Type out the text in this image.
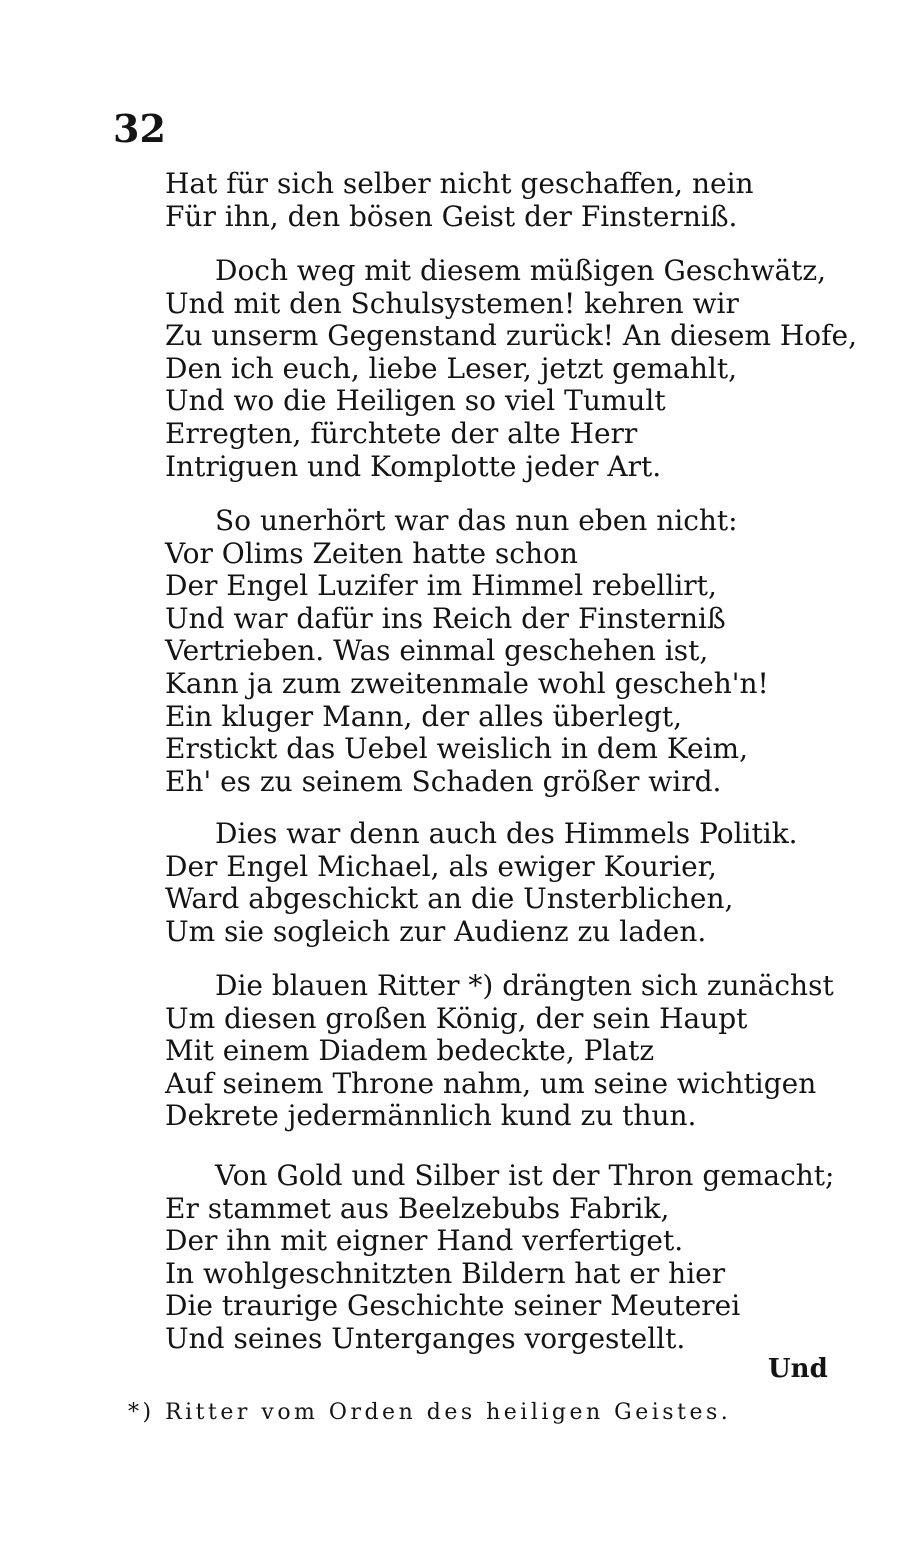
32
Hat für sich selber nicht geschaffen, nein
Für ihn, den bösen Geist der Finsterniß.
Doch weg mit diesem müßigen Geschwätz,
Und mit den Schulsystemen! kehren wir
Zu unserm Gegenstand zurück! An diesem Hofe,
Den ich euch, liebe Leser, jetzt gemahlt,
Und wo die Heiligen so viel Tumult
Erregten, fürchtete der alte Herr
Intriguen und Komplotte jeder Art.
So unerhört war das nun eben nicht:
Vor Olims Zeiten hatte schon
Der Engel Luzifer im Himmel rebellirt,
Und war dafür ins Reich der Finsterniß
Vertrieben. Was einmal geschehen ist,
Kann ja zum zweitenmale wohl gescheh'n!
Ein kluger Mann, der alles überlegt,
Erstickt das Uebel weislich in dem Keim,
Eh' es zu seinem Schaden größer wird.
Dies war denn auch des Himmels Politik.
Der Engel Michael, als ewiger Kourier,
Ward abgeschickt an die Unsterblichen,
Um sie sogleich zur Audienz zu laden.
Die blauen Ritter *) drängten sich zunächst
Um diesen großen König, der sein Haupt
Mit einem Diadem bedeckte, Platz
Auf seinem Throne nahm, um seine wichtigen
Dekrete jedermännlich kund zu thun.
Von Gold und Silber ist der Thron gemacht;
Er stammet aus Beelzebubs Fabrik,
Der ihn mit eigner Hand verfertiget.
In wohlgeschnitzten Bildern hat er hier
Die traurige Geschichte seiner Meuterei
Und seines Unterganges vorgestellt.
Und
*) Ritter vom Orden des heiligen Geistes.
